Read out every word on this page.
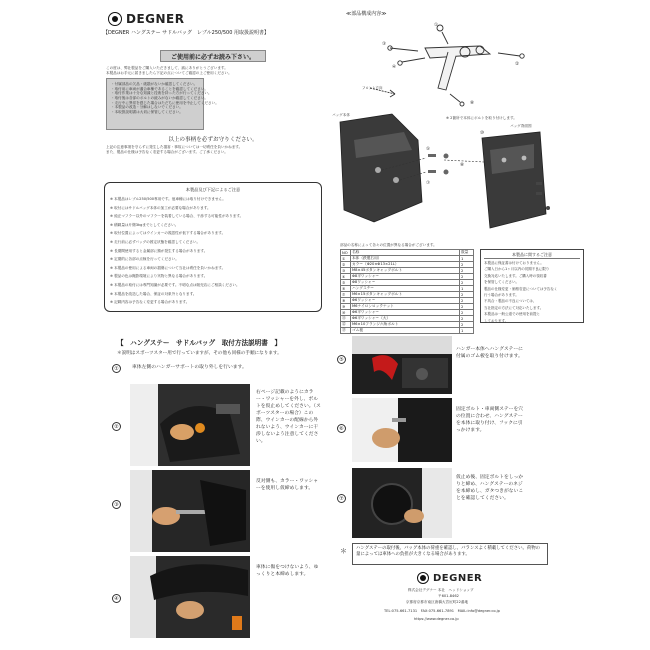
DEGNER
【DEGNER ハングステー サドルバッグ　レブル250/500 用取扱説明書】
ご使用前に必ずお読み下さい。
この度は、弊社製品をご購入いただきまして、誠にありがとうございます。
本製品はお手元に届きましたら下記の点についてご確認の上ご使用ください。
・付属部品の欠品・破損がないか確認してください。
・取付前に車両が適合車種であることを確認してください。
・取付作業は十分な知識と技術を持った方が行ってください。
・取付後は各部のボルトの緩みがないか確認してください。
・走行中に異常を感じた場合はただちに使用を中止してください。
・本製品の改造・分解はしないでください。
・本取扱説明書は大切に保管してください。
以上の事柄を必ずお守りください。
上記の注意事項を守らずに発生した損害・事故については一切責任を負いかねます。
また、製品の仕様は予告なく変更する場合がございます。ご了承ください。
本製品及び下記によるご注意
※ 本製品はレブル250/500専用です。他車種には取り付けできません。
※ 取付にはサドルバッグ本体の加工が必要な場合があります。
※ 純正マフラー以外のマフラーを装着している場合、干渉する可能性があります。
※ 積載量は片側3kgまでとしてください。
※ 取付位置によってはウインカーの視認性が低下する場合があります。
※ 走行前に必ずバッグの固定状態を確認してください。
※ 長期間使用すると金属部に錆が発生する場合があります。
※ 定期的に各部の点検を行ってください。
※ 本製品の使用による車両の損傷について当社は責任を負いかねます。
※ 製品の色は撮影環境により実物と異なる場合があります。
※ 本製品の取付には専門知識が必要です。不明な点は販売店にご相談ください。
※ 本製品を改造した場合、保証の対象外となります。
※ 記載内容は予告なく変更する場合があります。
≪部品構成内容≫
①
③
④
②
⑧
フロント方向
バッグ本体
※ 2箇所で本体にボルトを取り付けします。
バッグ背面図
⑤
⑦
⑧
⑩
部品の名称によって各々の位置が異なる場合がございます。
NO	名称	数量
①	本体（鉄製右用）	1
②	カラー（Φ20×Φ13×21L）	2
③	M8×45ボタンキャップボルト	2
④	Φ8平ワッシャー	2
⑤	Φ8ワッシャー	2
⑥	ハングステー	1
⑦	M6×15ボタンキャップボルト	2
⑧	Φ6ワッシャー	2
⑨	M6ナイロンロックナット	2
⑩	Φ6平ワッシャー	2
⑪	Φ6平ワッシャー（大）	2
⑫	M6×10フランジ六角ボルト	2
⑬	ゴム板	1
本製品に関するご注意
本製品に保証書は付けておりません。
ご購入日から1ヶ月以内の初期不良に限り
交換対応いたします。ご購入時の領収書
を保管してください。
製品の仕様変更・価格変更については予告なく
行う場合があります。
不具合・製品の不良については、
当社指定の方法にて対応いたします。
本製品は一般公道での使用を前提と
しております。
【　ハングステー　サドルバッグ　取付方法説明書　】
＊説明はスポーツスター用で行っていますが、その他も同様の手順になります。
①	車体左側のハンガーサポートの取り外しを行います。
②
右ページ記載のようにカラー・ワッシャーを外し、ボルトを仮止めしてください。（スポーツスターの場合）この際、ウインカーの配線から外れないよう、ウインカーに干渉しないよう注意してください。
③
反対側も、カラー・ワッシャーを使用し仮締めします。
④
車体に傷をつけないよう、ゆっくりと本締めします。
⑤
ハンガー本体へハングステーに付属のゴム板を取り付けます。
⑥
固定ボルト・車両側ステーを穴の位置に合わせ、ハングステーを本体に取り付け、フックに引っかけます。
⑦
仮止め後、固定ボルトをしっかりと締め、ハングステーのネジを本締めし、ガタつきがないことを確認してください。
＊ ハングステーの取付後、バッグ本体の荷重を確認し、バランスよく積載してください。荷物の量によっては車体への負担が大きくなる場合があります。
DEGNER
株式会社デグナー 本社　ヘッドショップ
〒601-8462
京都府京都市南区唐橋大宮尻町22番地
TEL:075-661-7131　FAX:075-661-7891　MAIL:info@degner.co.jp
https://www.degner.co.jp
